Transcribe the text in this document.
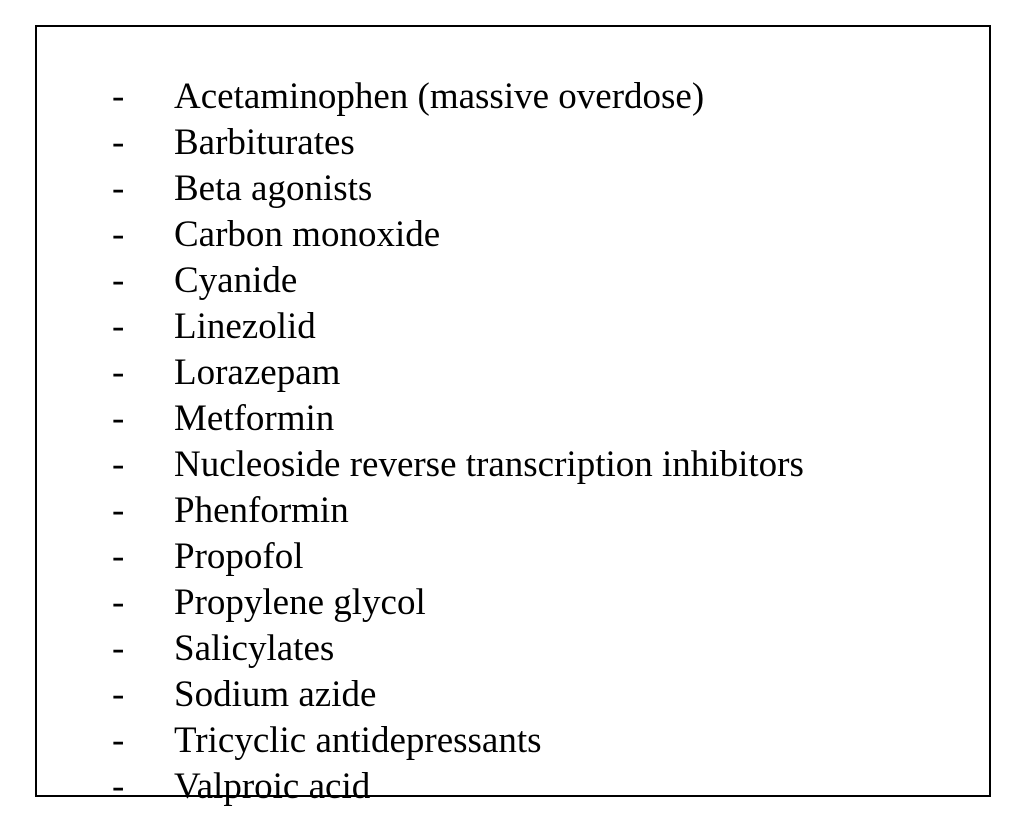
- Acetaminophen (massive overdose)
- Barbiturates
- Beta agonists
- Carbon monoxide
- Cyanide
- Linezolid
- Lorazepam
- Metformin
- Nucleoside reverse transcription inhibitors
- Phenformin
- Propofol
- Propylene glycol
- Salicylates
- Sodium azide
- Tricyclic antidepressants
- Valproic acid
